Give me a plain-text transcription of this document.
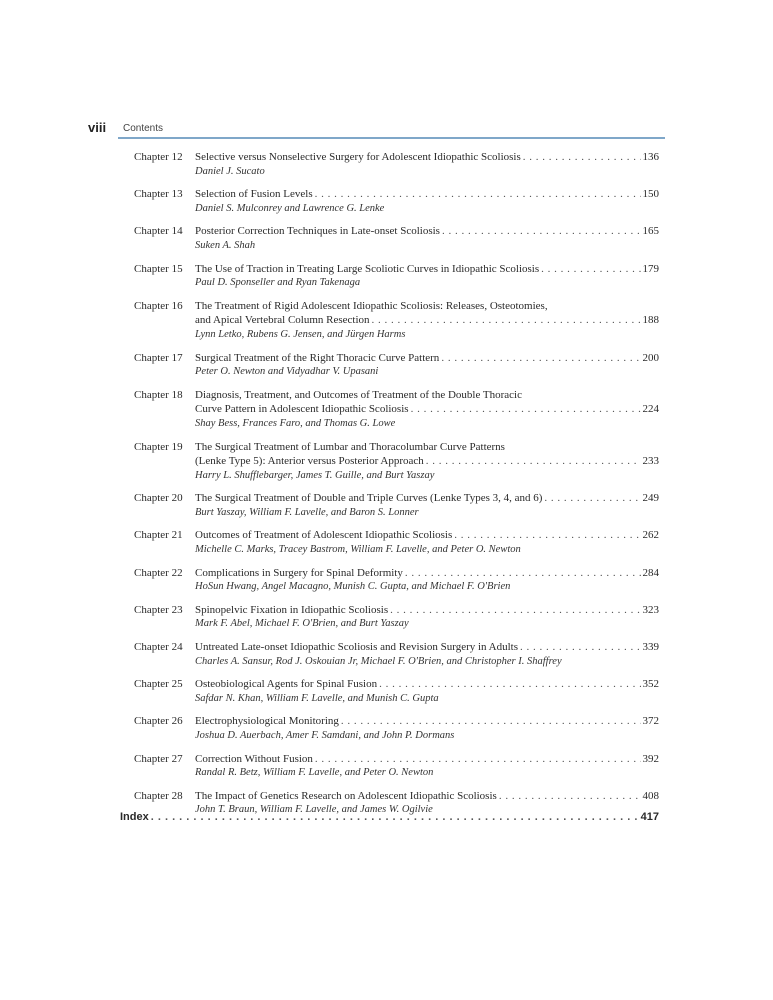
viii Contents
Chapter 12	Selective versus Nonselective Surgery for Adolescent Idiopathic Scoliosis . . .	136
Daniel J. Sucato
Chapter 13	Selection of Fusion Levels . . .	150
Daniel S. Mulconrey and Lawrence G. Lenke
Chapter 14	Posterior Correction Techniques in Late-onset Scoliosis . . .	165
Suken A. Shah
Chapter 15	The Use of Traction in Treating Large Scoliotic Curves in Idiopathic Scoliosis . . .	179
Paul D. Sponseller and Ryan Takenaga
Chapter 16	The Treatment of Rigid Adolescent Idiopathic Scoliosis: Releases, Osteotomies,
and Apical Vertebral Column Resection . . .	188
Lynn Letko, Rubens G. Jensen, and Jürgen Harms
Chapter 17	Surgical Treatment of the Right Thoracic Curve Pattern . . .	200
Peter O. Newton and Vidyadhar V. Upasani
Chapter 18	Diagnosis, Treatment, and Outcomes of Treatment of the Double Thoracic
Curve Pattern in Adolescent Idiopathic Scoliosis . . .	224
Shay Bess, Frances Faro, and Thomas G. Lowe
Chapter 19	The Surgical Treatment of Lumbar and Thoracolumbar Curve Patterns
(Lenke Type 5): Anterior versus Posterior Approach . . .	233
Harry L. Shufflebarger, James T. Guille, and Burt Yaszay
Chapter 20	The Surgical Treatment of Double and Triple Curves (Lenke Types 3, 4, and 6) . . .	249
Burt Yaszay, William F. Lavelle, and Baron S. Lonner
Chapter 21	Outcomes of Treatment of Adolescent Idiopathic Scoliosis . . .	262
Michelle C. Marks, Tracey Bastrom, William F. Lavelle, and Peter O. Newton
Chapter 22	Complications in Surgery for Spinal Deformity . . .	284
HoSun Hwang, Angel Macagno, Munish C. Gupta, and Michael F. O'Brien
Chapter 23	Spinopelvic Fixation in Idiopathic Scoliosis . . .	323
Mark F. Abel, Michael F. O'Brien, and Burt Yaszay
Chapter 24	Untreated Late-onset Idiopathic Scoliosis and Revision Surgery in Adults . . .	339
Charles A. Sansur, Rod J. Oskouian Jr, Michael F. O'Brien, and Christopher I. Shaffrey
Chapter 25	Osteobiological Agents for Spinal Fusion . . .	352
Safdar N. Khan, William F. Lavelle, and Munish C. Gupta
Chapter 26	Electrophysiological Monitoring . . .	372
Joshua D. Auerbach, Amer F. Samdani, and John P. Dormans
Chapter 27	Correction Without Fusion . . .	392
Randal R. Betz, William F. Lavelle, and Peter O. Newton
Chapter 28	The Impact of Genetics Research on Adolescent Idiopathic Scoliosis . . .	408
John T. Braun, William F. Lavelle, and James W. Ogilvie
Index . . .	417
